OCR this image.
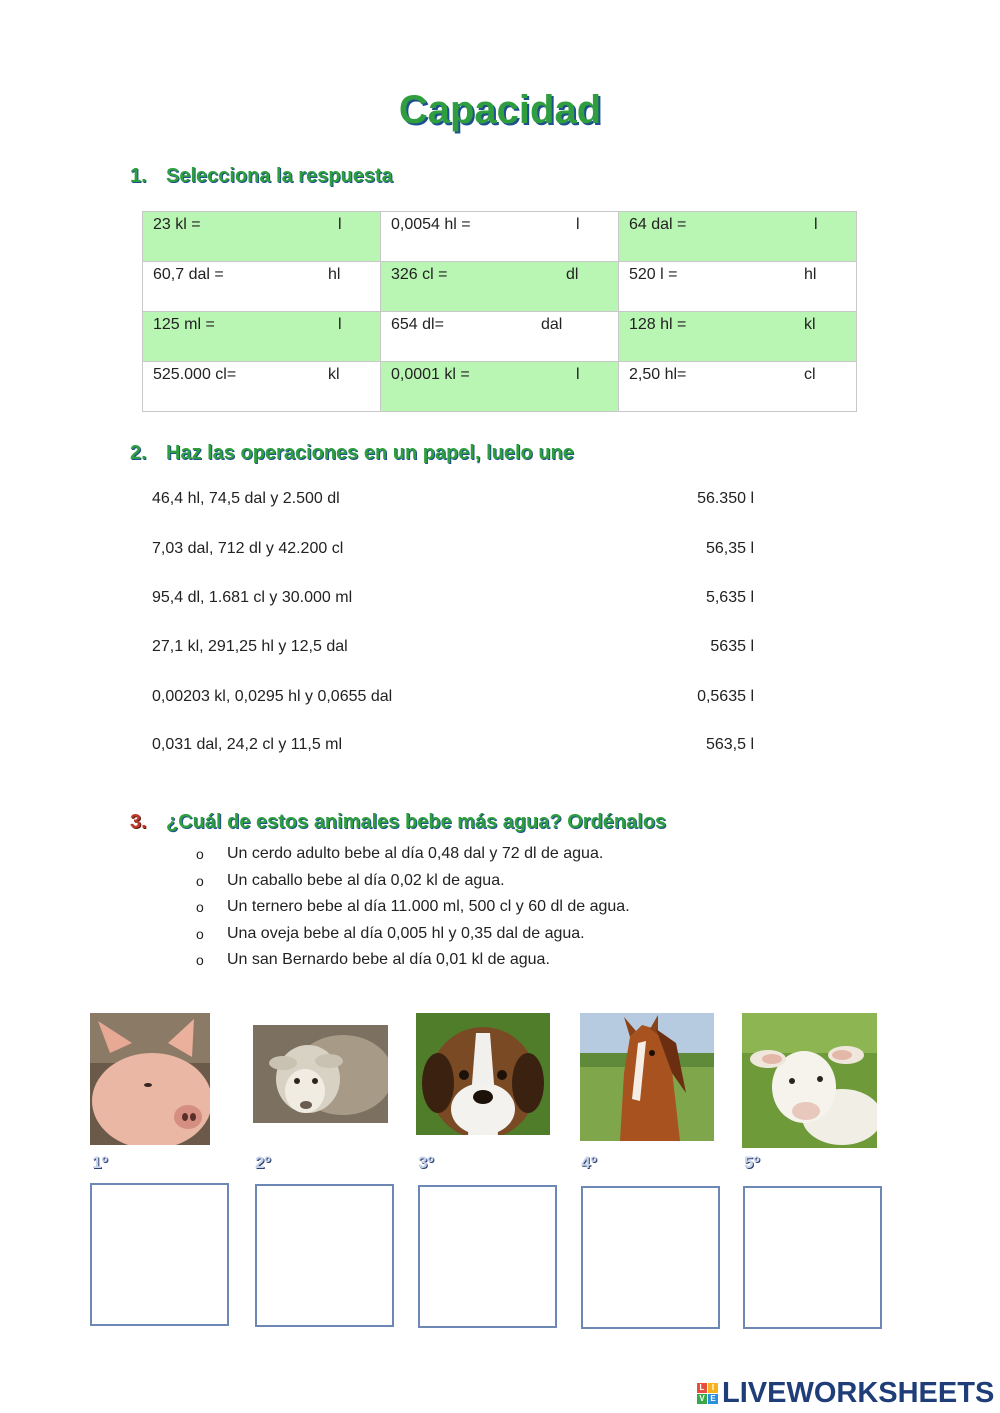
Capacidad
1. Selecciona la respuesta
23 kl = l	0,0054 hl = l	64 dal = l

60,7 dal = hl	326 cl = dl	520 l = hl

125 ml = l	654 dl= dal	128 hl = kl

525.000 cl= kl	0,0001 kl = l	2,50 hl= cl
2. Haz las operaciones en un papel, luelo une
46,4 hl, 74,5 dal y 2.500 dl	56.350 l
7,03 dal, 712 dl y 42.200 cl	56,35 l
95,4 dl, 1.681 cl y 30.000 ml	5,635 l
27,1 kl, 291,25 hl y 12,5 dal	5635 l
0,00203 kl, 0,0295 hl y 0,0655 dal	0,5635 l
0,031 dal, 24,2 cl y 11,5 ml	563,5 l
3. ¿Cuál de estos animales bebe más agua? Ordénalos
o	Un cerdo adulto bebe al día 0,48 dal y 72 dl de agua.
o	Un caballo bebe al día 0,02 kl de agua.
o	Un ternero bebe al día 11.000 ml, 500 cl y 60 dl de agua.
o	Una oveja bebe al día 0,005 hl y 0,35 dal de agua.
o	Un san Bernardo bebe al día 0,01 kl de agua.
1º	2º	3º	4º	5º
L I
V E LIVEWORKSHEETS
